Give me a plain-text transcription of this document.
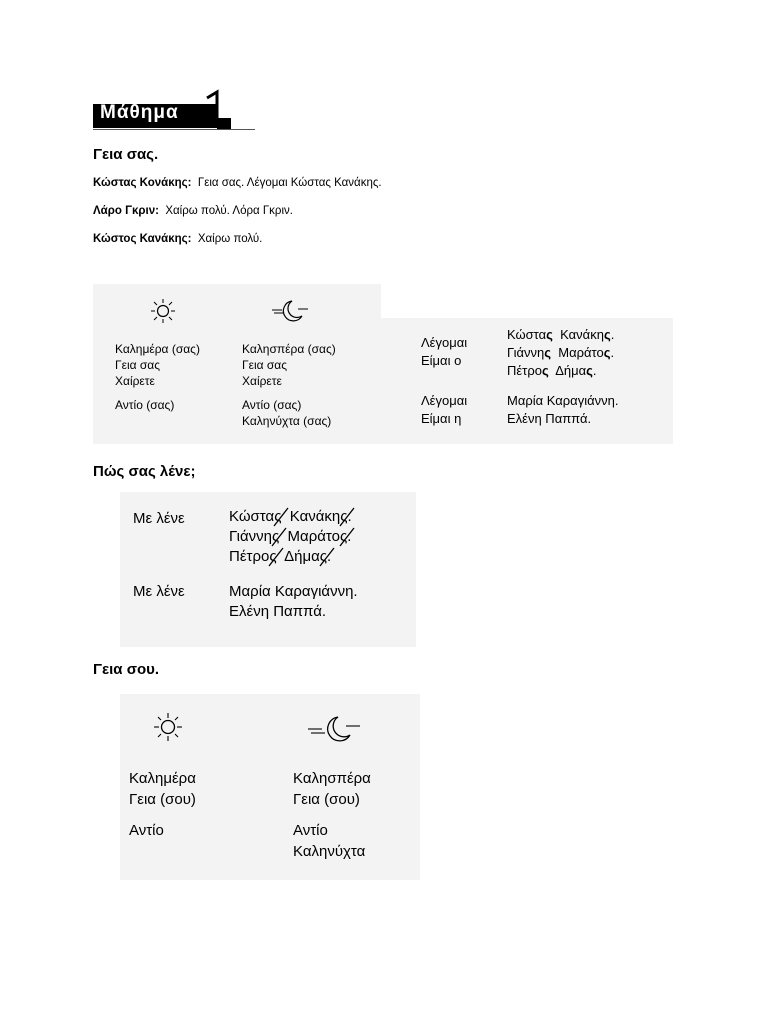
Μάθημα
Γεια σας.
Κώστας Κονάκης: Γεια σας. Λέγομαι Κώστας Κανάκης.
Λάρο Γκριν: Χαίρω πολύ. Λόρα Γκριν.
Κώστος Κανάκης: Χαίρω πολύ.
Καλημέρα (σας)
Γεια σας
Χαίρετε
Αντίο (σας)
Καλησπέρα (σας)
Γεια σας
Χαίρετε
Αντίο (σας)
Καληνύχτα (σας)
Λέγομαι
Είμαι ο
Κώστας Κανάκης.
Γιάννης Μαράτος.
Πέτρος Δήμας.
Λέγομαι
Είμαι η
Μαρία Καραγιάννη.
Ελένη Παππά.
Πώς σας λένε;
Με λένε	Κώστας Κανάκης
.
Γιάννης Μαράτος
.
Πέτρος Δήμας
.
Με λένε	Μαρία Καραγιάννη.
Ελένη Παππά.
Γεια σου.
Καλημέρα
Γεια (σου)
Αντίο
Καλησπέρα
Γεια (σου)
Αντίο
Καληνύχτα
